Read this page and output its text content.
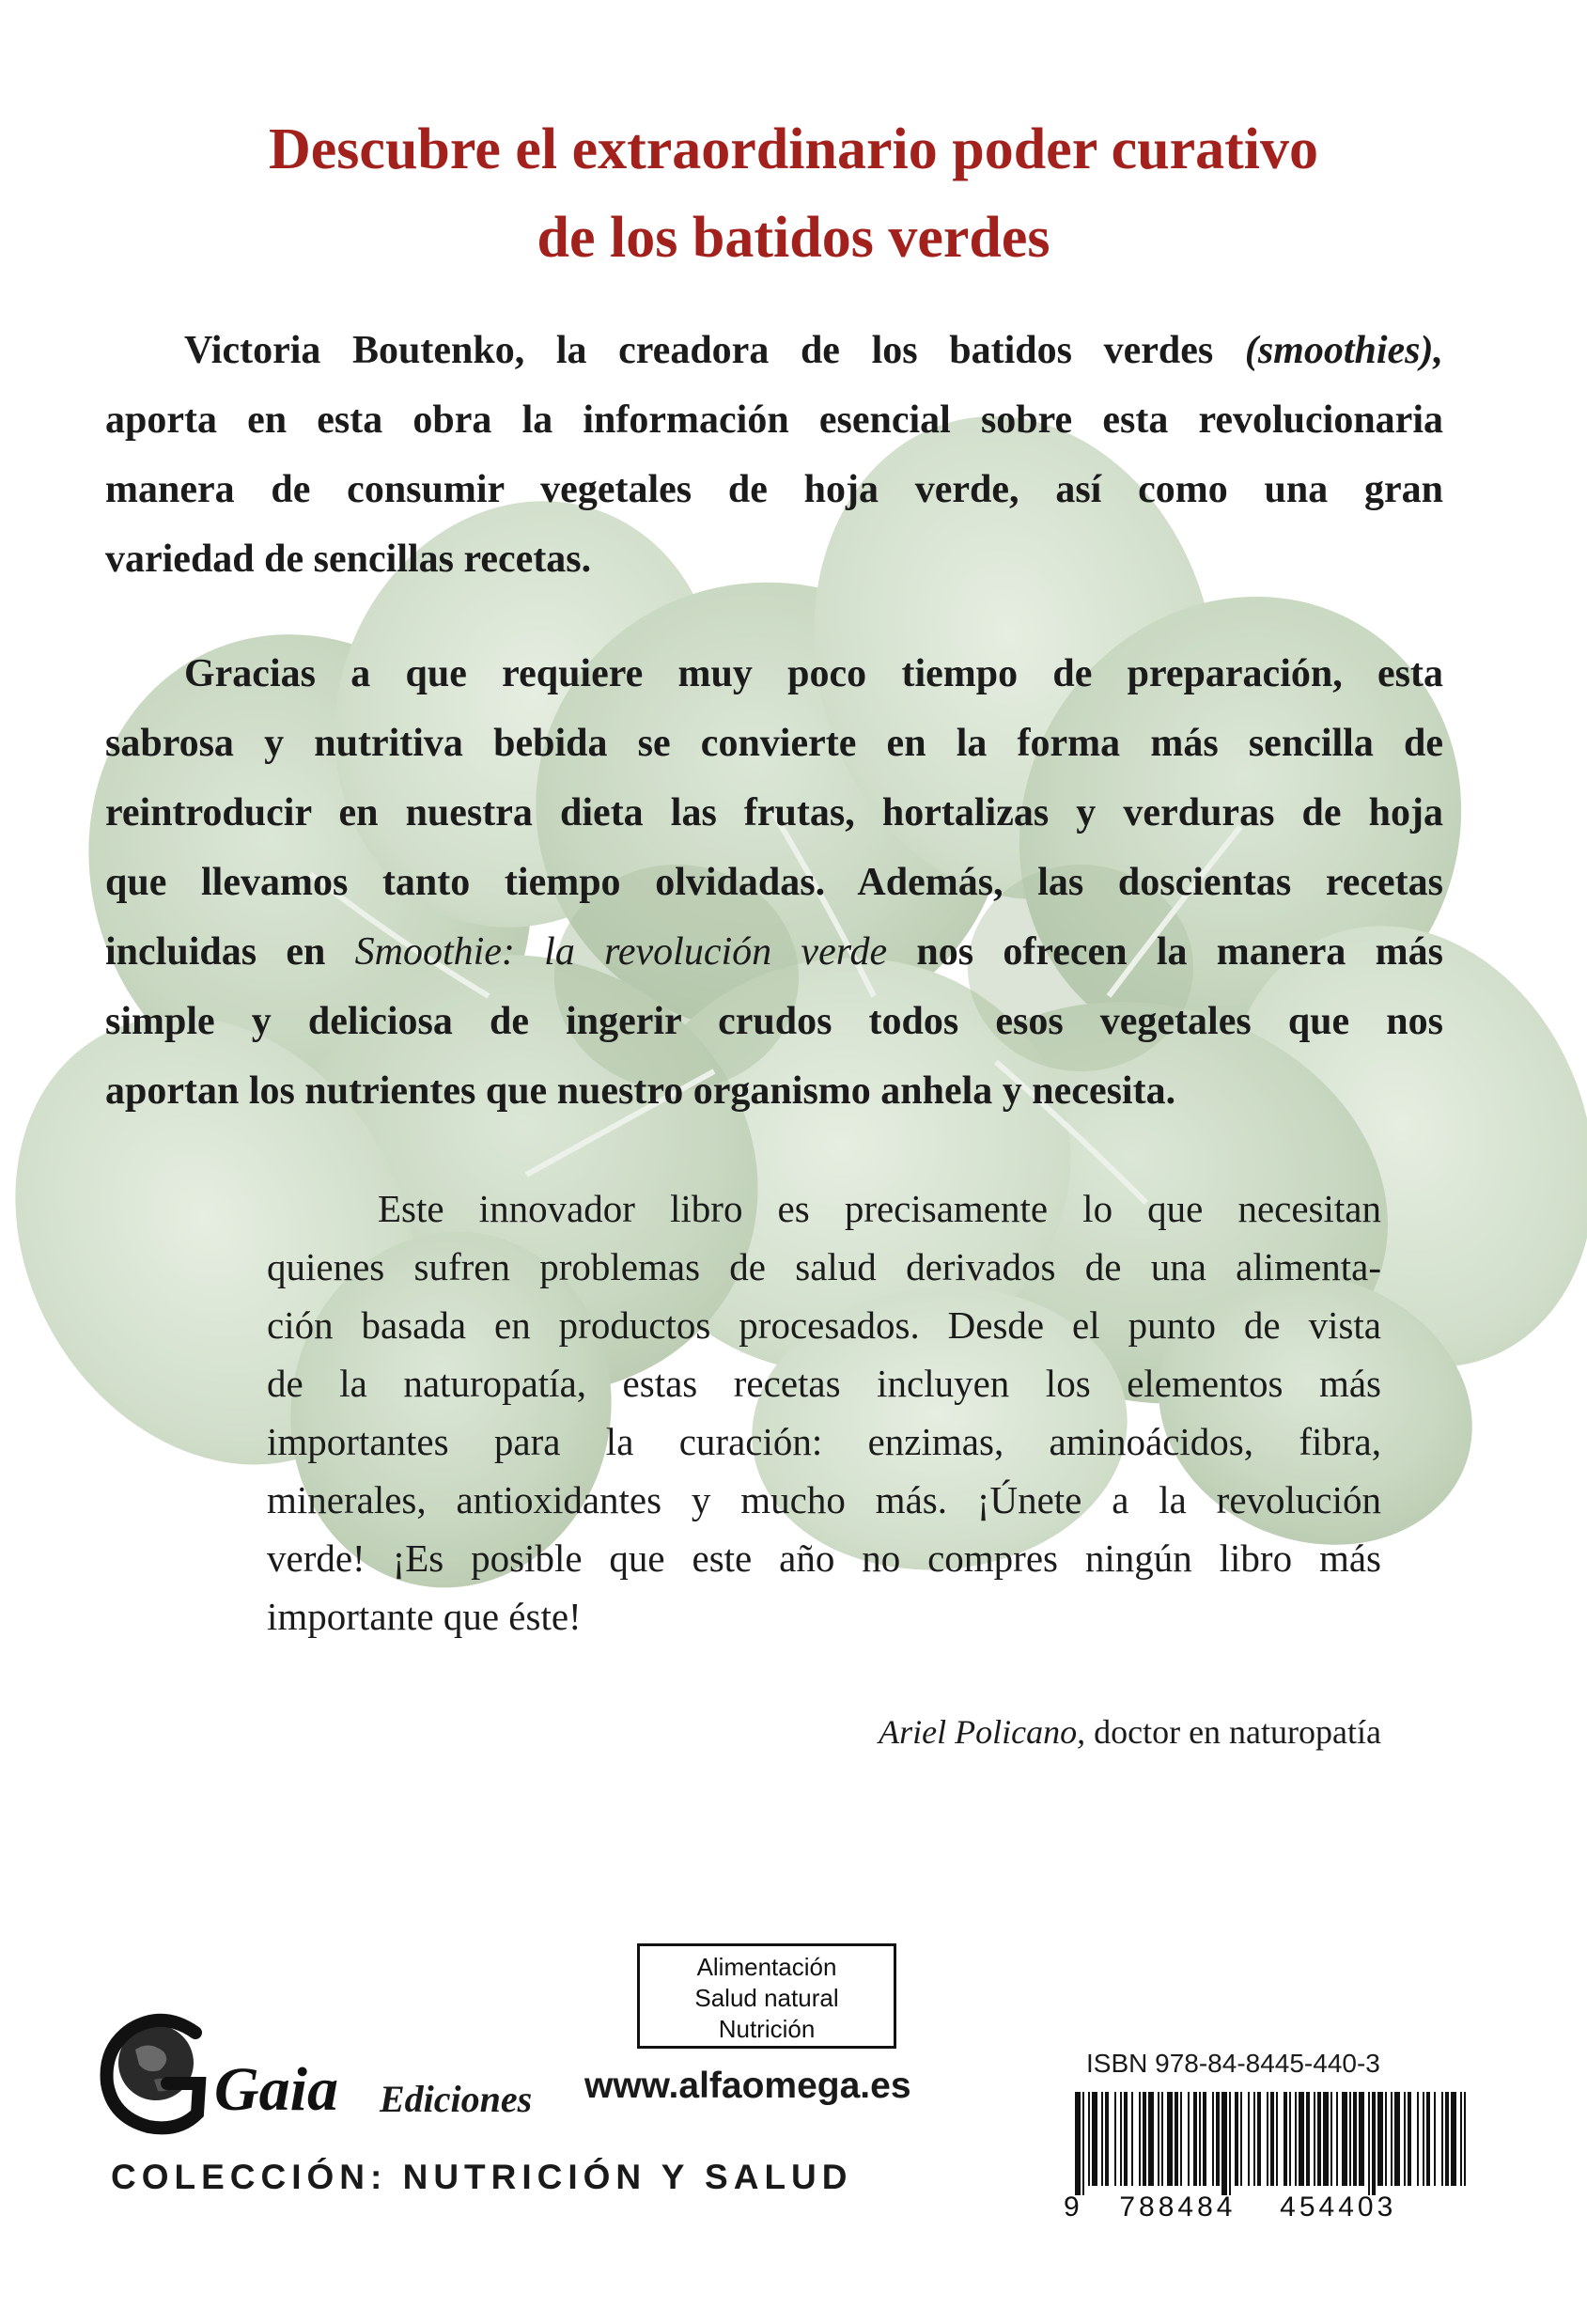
Descubre el extraordinario poder curativo
de los batidos verdes
Victoria Boutenko, la creadora de los batidos verdes (smoothies),
aporta en esta obra la información esencial sobre esta revolucionaria
manera de consumir vegetales de hoja verde, así como una gran
variedad de sencillas recetas.
Gracias a que requiere muy poco tiempo de preparación, esta
sabrosa y nutritiva bebida se convierte en la forma más sencilla de
reintroducir en nuestra dieta las frutas, hortalizas y verduras de hoja
que llevamos tanto tiempo olvidadas. Además, las doscientas recetas
incluidas en Smoothie: la revolución verde nos ofrecen la manera más
simple y deliciosa de ingerir crudos todos esos vegetales que nos
aportan los nutrientes que nuestro organismo anhela y necesita.
Este innovador libro es precisamente lo que necesitan
quienes sufren problemas de salud derivados de una alimenta-
ción basada en productos procesados. Desde el punto de vista
de la naturopatía, estas recetas incluyen los elementos más
importantes para la curación: enzimas, aminoácidos, fibra,
minerales, antioxidantes y mucho más. ¡Únete a la revolución
verde! ¡Es posible que este año no compres ningún libro más
importante que éste!
Ariel Policano, doctor en naturopatía
Alimentación
Salud natural
Nutrición
Gaia Ediciones www.alfaomega.es
COLECCIÓN: NUTRICIÓN Y SALUD
ISBN 978-84-8445-440-3
9 788484 454403
